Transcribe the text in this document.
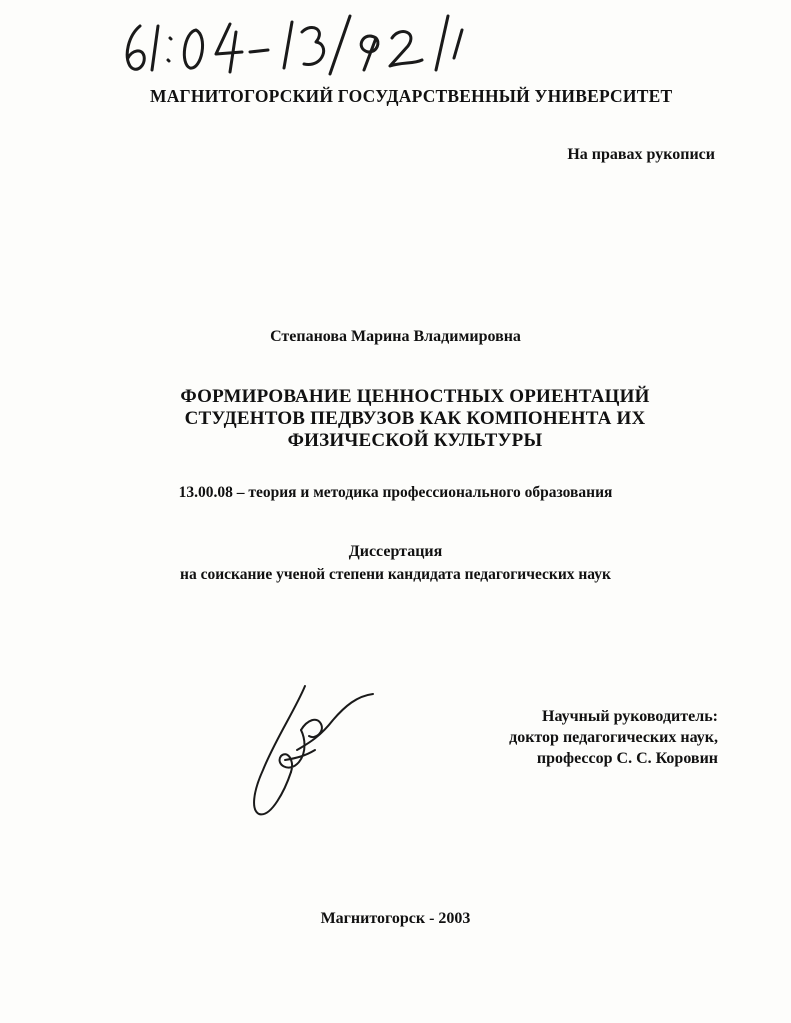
МАГНИТОГОРСКИЙ ГОСУДАРСТВЕННЫЙ УНИВЕРСИТЕТ
На правах рукописи
Степанова Марина Владимировна
ФОРМИРОВАНИЕ ЦЕННОСТНЫХ ОРИЕНТАЦИЙ
СТУДЕНТОВ ПЕДВУЗОВ КАК КОМПОНЕНТА ИХ
ФИЗИЧЕСКОЙ КУЛЬТУРЫ
13.00.08 – теория и методика профессионального образования
Диссертация
на соискание ученой степени кандидата педагогических наук
Научный руководитель:
доктор педагогических наук,
профессор С. С. Коровин
Магнитогорск - 2003
